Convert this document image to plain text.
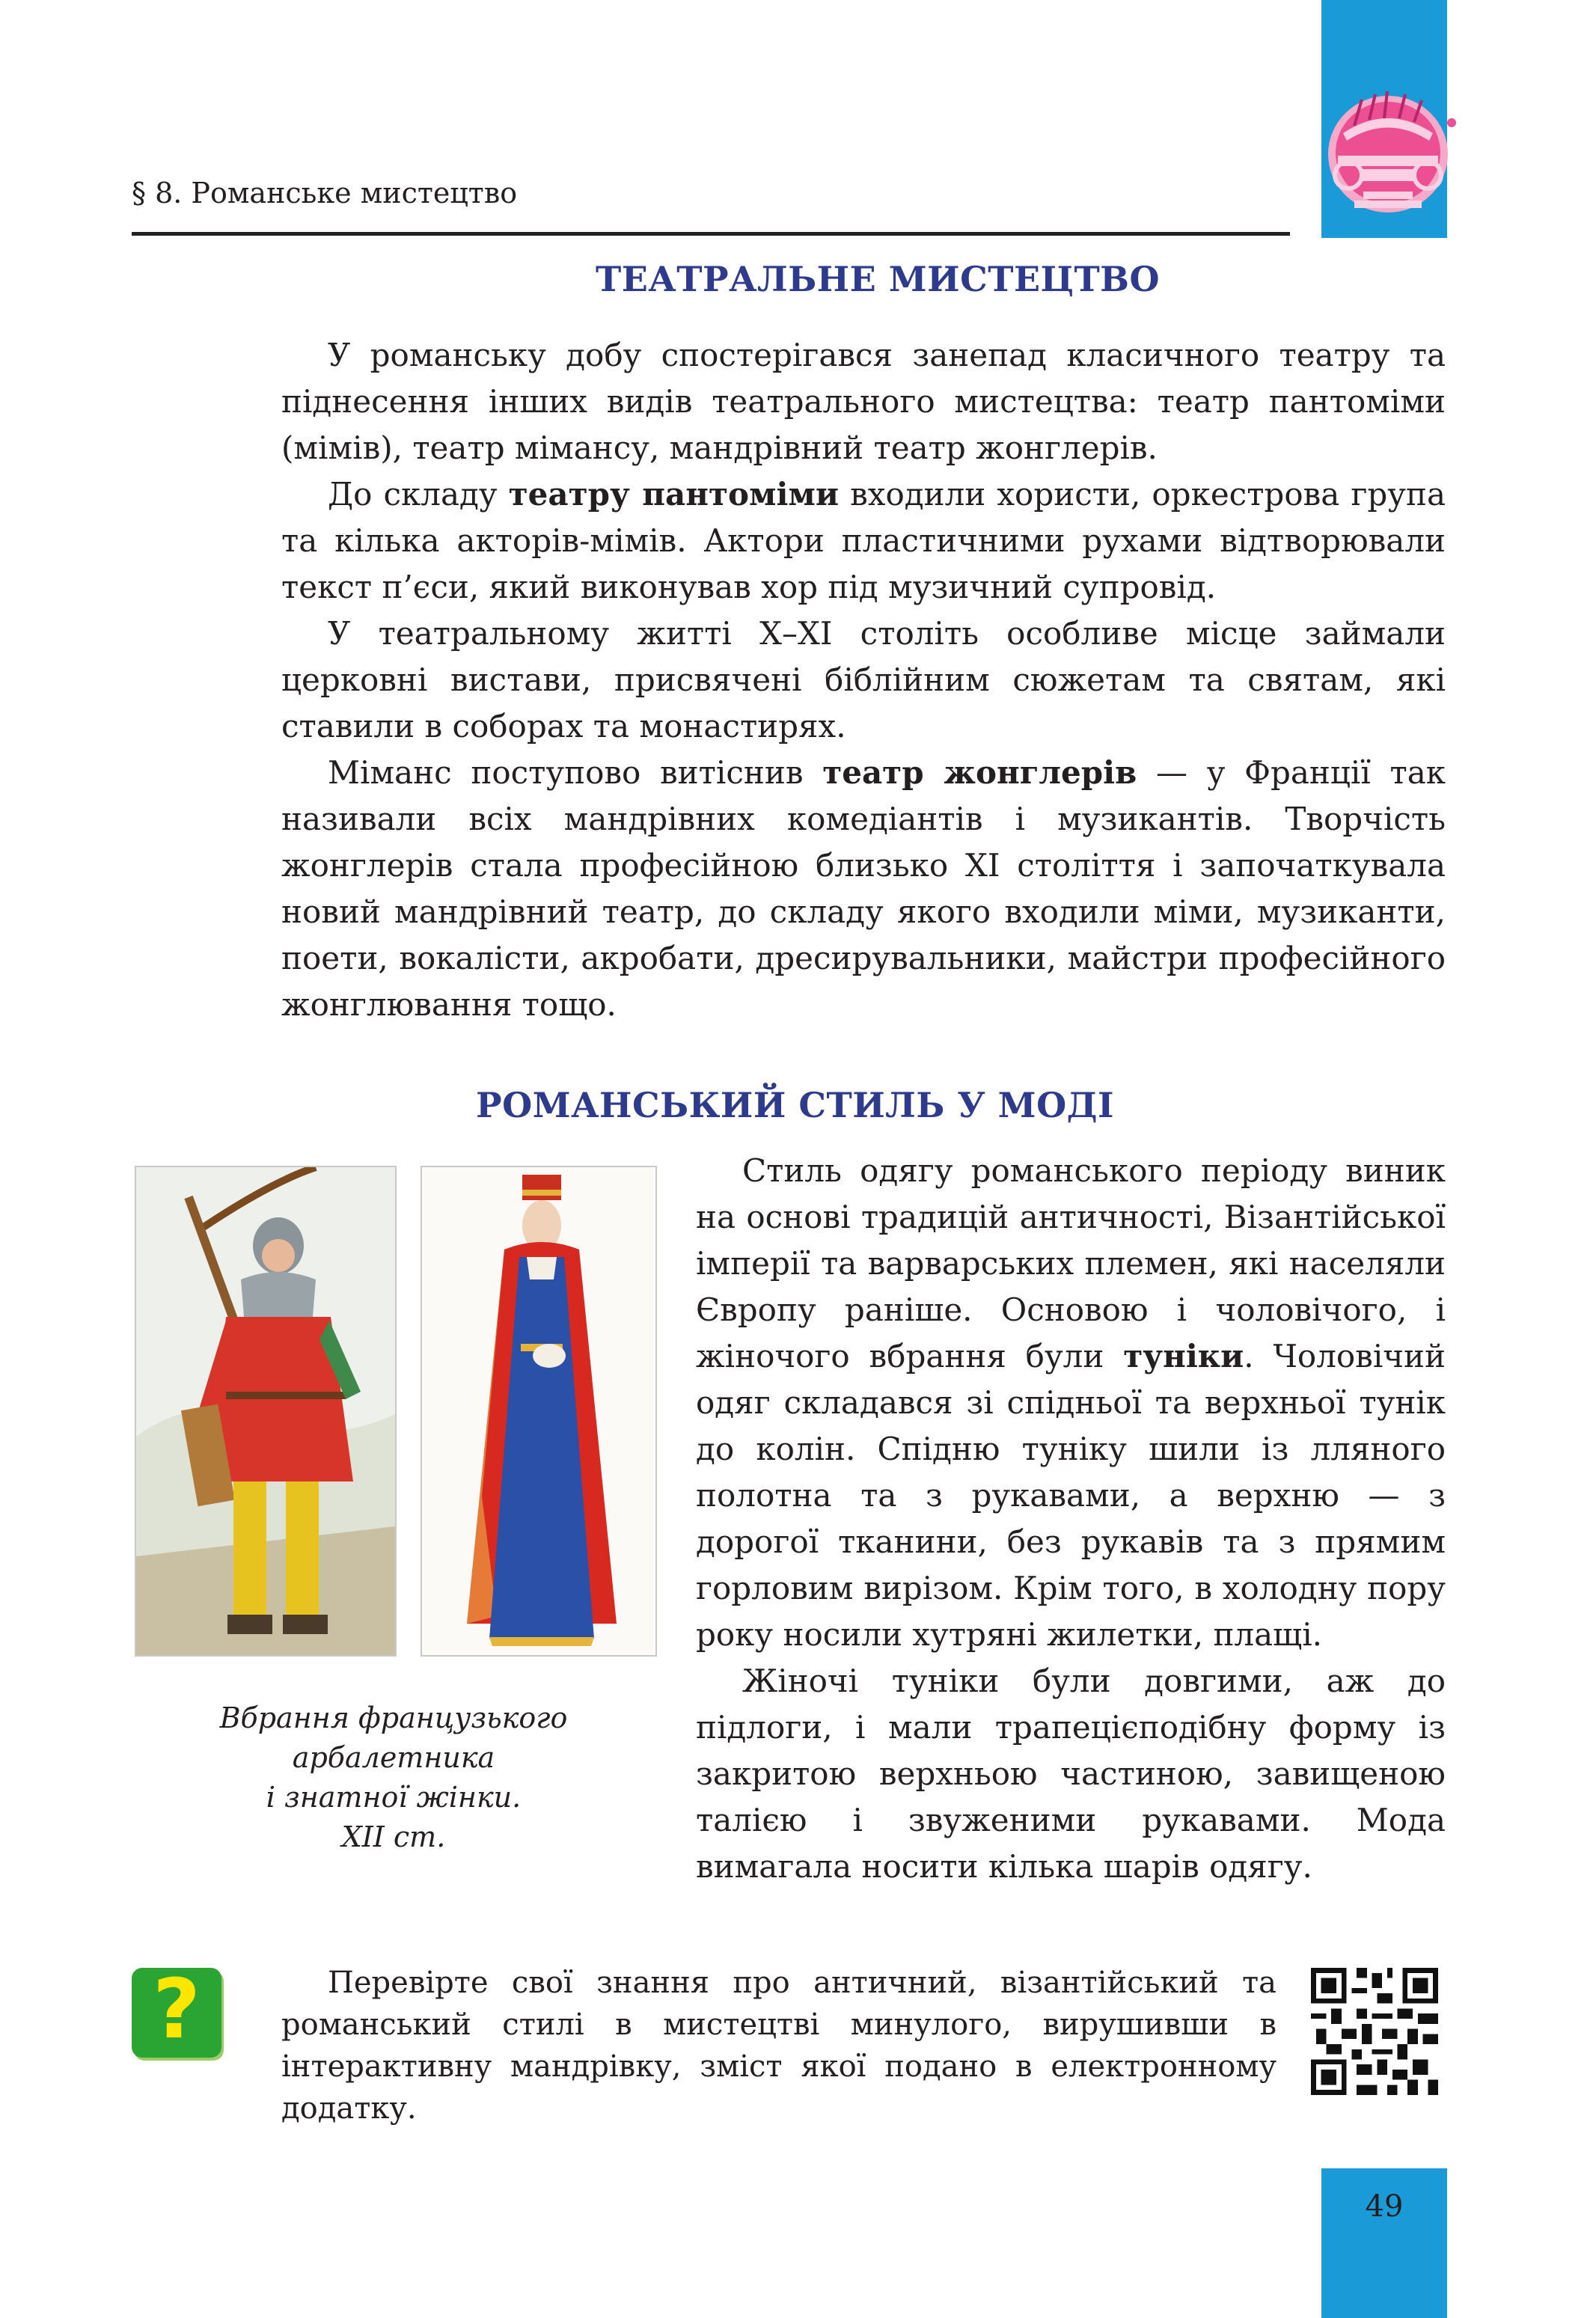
§ 8. Романське мистецтво
ТЕАТРАЛЬНЕ МИСТЕЦТВО

У романську добу спостерігався занепад класичного театру та піднесення інших видів театрального мистецтва: театр пантоміми (мімів), театр мімансу, мандрівний театр жонглерів.

До складу театру пантоміми входили хористи, оркестрова група та кілька акторів-мімів. Актори пластичними рухами відтворювали текст п’єси, який виконував хор під музичний супровід.

У театральному житті X–XI століть особливе місце займали церковні вистави, присвячені біблійним сюжетам та святам, які ставили в соборах та монастирях.

Міманс поступово витіснив театр жонглерів — у Франції так називали всіх мандрівних комедіантів і музикантів. Творчість жонглерів стала професійною близько XI століття і започаткувала новий мандрівний театр, до складу якого входили міми, музиканти, поети, вокалісти, акробати, дресирувальники, майстри професійного жонглювання тощо.

РОМАНСЬКИЙ СТИЛЬ У МОДІ
Вбрання французького
арбалетника
і знатної жінки.
XII ст.

Стиль одягу романського періоду виник на основі традицій античності, Візантійської імперії та варварських племен, які населяли Європу раніше. Основою і чоловічого, і жіночого вбрання були туніки. Чоловічий одяг складався зі спідньої та верхньої тунік до колін. Спідню туніку шили із лляного полотна та з рукавами, а верхню — з дорогої тканини, без рукавів та з прямим горловим вирізом. Крім того, в холодну пору року носили хутряні жилетки, плащі.

Жіночі туніки були довгими, аж до підлоги, і мали трапецієподібну форму із закритою верхньою частиною, завищеною талією і звуженими рукавами. Мода вимагала носити кілька шарів одягу.

?	Перевірте свої знання про античний, візантійський та романський стилі в мистецтві минулого, вирушивши в інтерактивну мандрівку, зміст якої подано в електронному додатку.
49
